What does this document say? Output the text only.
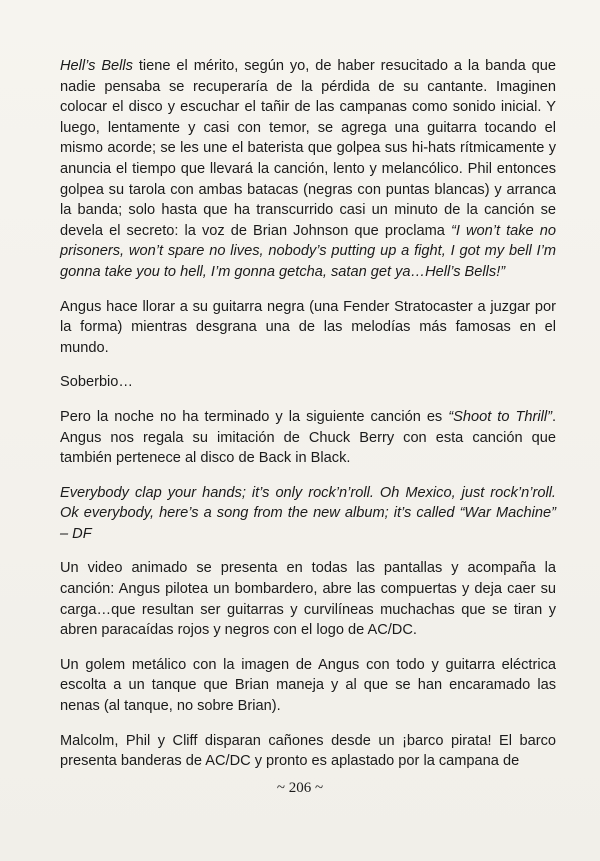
Hell’s Bells tiene el mérito, según yo, de haber resucitado a la banda que nadie pensaba se recuperaría de la pérdida de su cantante. Imaginen colocar el disco y escuchar el tañir de las campanas como sonido inicial. Y luego, lentamente y casi con temor, se agrega una guitarra tocando el mismo acorde; se les une el baterista que golpea sus hi-hats rítmicamente y anuncia el tiempo que llevará la canción, lento y melancólico. Phil entonces golpea su tarola con ambas batacas (negras con puntas blancas) y arranca la banda; solo hasta que ha transcurrido casi un minuto de la canción se devela el secreto: la voz de Brian Johnson que proclama “I won’t take no prisoners, won’t spare no lives, nobody’s putting up a fight, I got my bell I’m gonna take you to hell, I’m gonna getcha, satan get ya…Hell’s Bells!”

Angus hace llorar a su guitarra negra (una Fender Stratocaster a juzgar por la forma) mientras desgrana una de las melodías más famosas en el mundo.

Soberbio…

Pero la noche no ha terminado y la siguiente canción es “Shoot to Thrill”. Angus nos regala su imitación de Chuck Berry con esta canción que también pertenece al disco de Back in Black.

Everybody clap your hands; it’s only rock’n’roll. Oh Mexico, just rock’n’roll. Ok everybody, here’s a song from the new album; it’s called “War Machine” – DF

Un video animado se presenta en todas las pantallas y acompaña la canción: Angus pilotea un bombardero, abre las compuertas y deja caer su carga…que resultan ser guitarras y curvilíneas muchachas que se tiran y abren paracaídas rojos y negros con el logo de AC/DC.

Un golem metálico con la imagen de Angus con todo y guitarra eléctrica escolta a un tanque que Brian maneja y al que se han encaramado las nenas (al tanque, no sobre Brian).

Malcolm, Phil y Cliff disparan cañones desde un ¡barco pirata! El barco presenta banderas de AC/DC y pronto es aplastado por la campana de

~ 206 ~
